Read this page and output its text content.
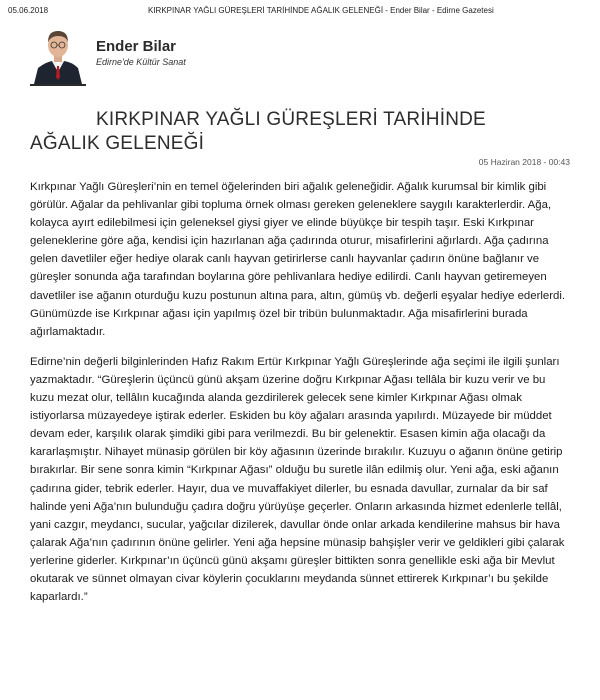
05.06.2018	KIRKPINAR YAĞLI GÜREŞLERİ TARİHİNDE AĞALIK GELENEĞİ - Ender Bilar - Edirne Gazetesi
Ender Bilar
Edirne'de Kültür Sanat
KIRKPINAR YAĞLI GÜREŞLERİ TARİHİNDE
AĞALIK GELENEĞİ
05 Haziran 2018 - 00:43

Kırkpınar Yağlı Güreşleri’nin en temel öğelerinden biri ağalık geleneğidir. Ağalık kurumsal bir kimlik gibi görülür. Ağalar da pehlivanlar gibi topluma örnek olması gereken geleneklere saygılı karakterlerdir. Ağa, kolayca ayırt edilebilmesi için geleneksel giysi giyer ve elinde büyükçe bir tespih taşır. Eski Kırkpınar geleneklerine göre ağa, kendisi için hazırlanan ağa çadırında oturur, misafirlerini ağırlardı. Ağa çadırına gelen davetliler eğer hediye olarak canlı hayvan getirirlerse canlı hayvanlar çadırın önüne bağlanır ve güreşler sonunda ağa tarafından boylarına göre pehlivanlara hediye edilirdi. Canlı hayvan getiremeyen davetliler ise ağanın oturduğu kuzu postunun altına para, altın, gümüş vb. değerli eşyalar hediye ederlerdi. Günümüzde ise Kırkpınar ağası için yapılmış özel bir tribün bulunmaktadır. Ağa misafirlerini burada ağırlamaktadır.

Edirne’nin değerli bilginlerinden Hafız Rakım Ertür Kırkpınar Yağlı Güreşlerinde ağa seçimi ile ilgili şunları yazmaktadır. “Güreşlerin üçüncü günü akşam üzerine doğru Kırkpınar Ağası tellâla bir kuzu verir ve bu kuzu mezat olur, tellâlın kucağında alanda gezdirilerek gelecek sene kimler Kırkpınar Ağası olmak istiyorlarsa müzayedeye iştirak ederler. Eskiden bu köy ağaları arasında yapılırdı. Müzayede bir müddet devam eder, karşılık olarak şimdiki gibi para verilmezdi. Bu bir gelenektir. Esasen kimin ağa olacağı da kararlaşmıştır. Nihayet münasip görülen bir köy ağasının üzerinde bırakılır. Kuzuyu o ağanın önüne getirip bırakırlar. Bir sene sonra kimin “Kırkpınar Ağası” olduğu bu suretle ilân edilmiş olur. Yeni ağa, eski ağanın çadırına gider, tebrik ederler. Hayır, dua ve muvaffakiyet dilerler, bu esnada davullar, zurnalar da bir saf halinde yeni Ağa’nın bulunduğu çadıra doğru yürüyüşe geçerler. Onların arkasında hizmet edenlerle tellâl, yani cazgır, meydancı, sucular, yağcılar dizilerek, davullar önde onlar arkada kendilerine mahsus bir hava çalarak Ağa’nın çadırının önüne gelirler. Yeni ağa hepsine münasip bahşişler verir ve geldikleri gibi çalarak yerlerine giderler. Kırkpınar’ın üçüncü günü akşamı güreşler bittikten sonra genellikle eski ağa bir Mevlut okutarak ve sünnet olmayan civar köylerin çocuklarını meydanda sünnet ettirerek Kırkpınar’ı bu şekilde kaparlardı.”
